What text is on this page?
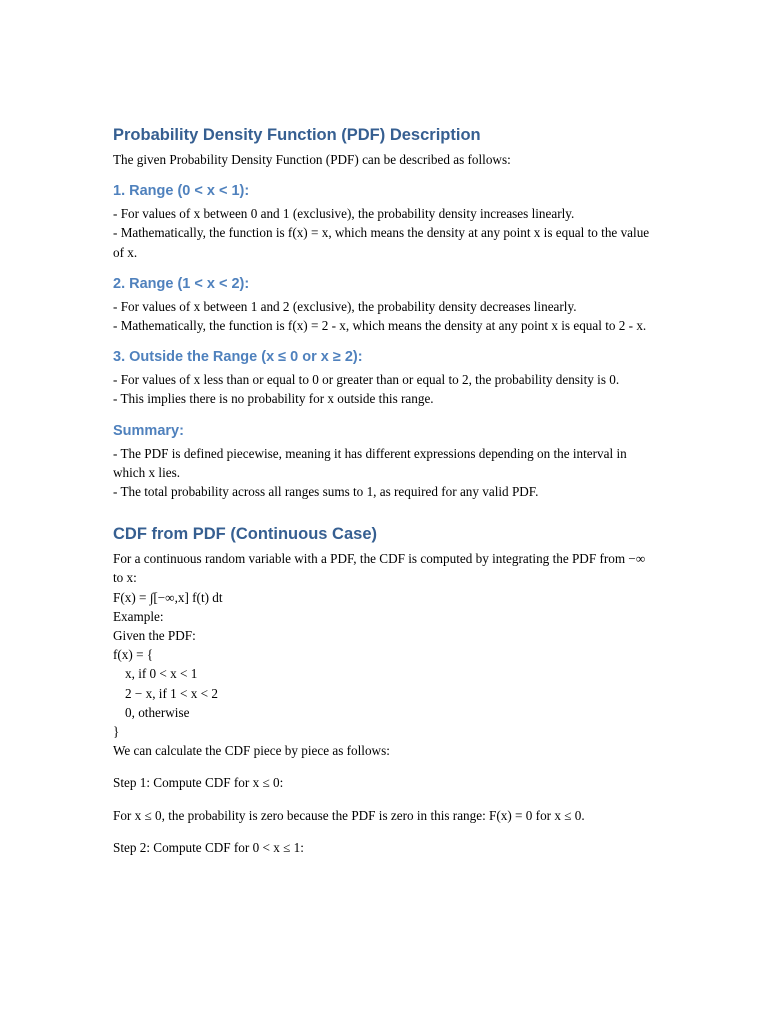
Probability Density Function (PDF) Description

The given Probability Density Function (PDF) can be described as follows:

1. Range (0 < x < 1):

- For values of x between 0 and 1 (exclusive), the probability density increases linearly.

- Mathematically, the function is f(x) = x, which means the density at any point x is equal to the value of x.

2. Range (1 < x < 2):

- For values of x between 1 and 2 (exclusive), the probability density decreases linearly.

- Mathematically, the function is f(x) = 2 - x, which means the density at any point x is equal to 2 - x.

3. Outside the Range (x ≤ 0 or x ≥ 2):

- For values of x less than or equal to 0 or greater than or equal to 2, the probability density is 0.

- This implies there is no probability for x outside this range.

Summary:

- The PDF is defined piecewise, meaning it has different expressions depending on the interval in which x lies.

- The total probability across all ranges sums to 1, as required for any valid PDF.

CDF from PDF (Continuous Case)

For a continuous random variable with a PDF, the CDF is computed by integrating the PDF from −∞ to x:

F(x) = ∫[−∞,x] f(t) dt

Example:

Given the PDF:

f(x) = {

x, if 0 < x < 1

2 − x, if 1 < x < 2

0, otherwise

}

We can calculate the CDF piece by piece as follows:

Step 1: Compute CDF for x ≤ 0:

For x ≤ 0, the probability is zero because the PDF is zero in this range: F(x) = 0 for x ≤ 0.

Step 2: Compute CDF for 0 < x ≤ 1:
